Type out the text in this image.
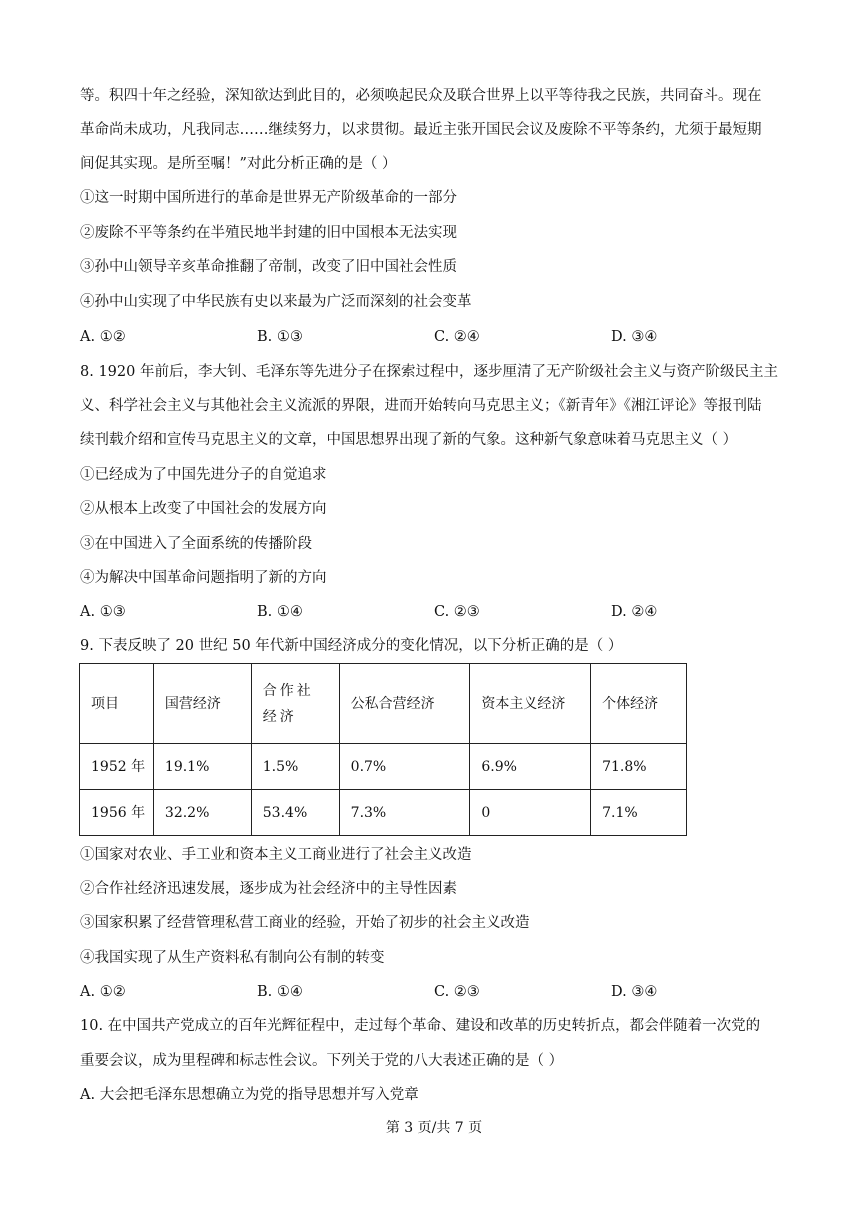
等。积四十年之经验，深知欲达到此目的，必须唤起民众及联合世界上以平等待我之民族，共同奋斗。现在
革命尚未成功，凡我同志……继续努力，以求贯彻。最近主张开国民会议及废除不平等条约，尤须于最短期
间促其实现。是所至嘱！”对此分析正确的是（ ）
①这一时期中国所进行的革命是世界无产阶级革命的一部分
②废除不平等条约在半殖民地半封建的旧中国根本无法实现
③孙中山领导辛亥革命推翻了帝制，改变了旧中国社会性质
④孙中山实现了中华民族有史以来最为广泛而深刻的社会变革
A. ①②	B. ①③	C. ②④	D. ③④
8. 1920 年前后，李大钊、毛泽东等先进分子在探索过程中，逐步厘清了无产阶级社会主义与资产阶级民主主
义、科学社会主义与其他社会主义流派的界限，进而开始转向马克思主义；《新青年》《湘江评论》等报刊陆
续刊载介绍和宣传马克思主义的文章，中国思想界出现了新的气象。这种新气象意味着马克思主义（ ）
①已经成为了中国先进分子的自觉追求
②从根本上改变了中国社会的发展方向
③在中国进入了全面系统的传播阶段
④为解决中国革命问题指明了新的方向
A. ①③	B. ①④	C. ②③	D. ②④
9. 下表反映了 20 世纪 50 年代新中国经济成分的变化情况，以下分析正确的是（ ）
项目	国营经济	合作社经济	公私合营经济	资本主义经济	个体经济
1952 年	19.1%	1.5%	0.7%	6.9%	71.8%
1956 年	32.2%	53.4%	7.3%	0	7.1%
①国家对农业、手工业和资本主义工商业进行了社会主义改造
②合作社经济迅速发展，逐步成为社会经济中的主导性因素
③国家积累了经营管理私营工商业的经验，开始了初步的社会主义改造
④我国实现了从生产资料私有制向公有制的转变
A. ①②	B. ①④	C. ②③	D. ③④
10. 在中国共产党成立的百年光辉征程中，走过每个革命、建设和改革的历史转折点，都会伴随着一次党的
重要会议，成为里程碑和标志性会议。下列关于党的八大表述正确的是（ ）
A. 大会把毛泽东思想确立为党的指导思想并写入党章
第 3 页/共 7 页
